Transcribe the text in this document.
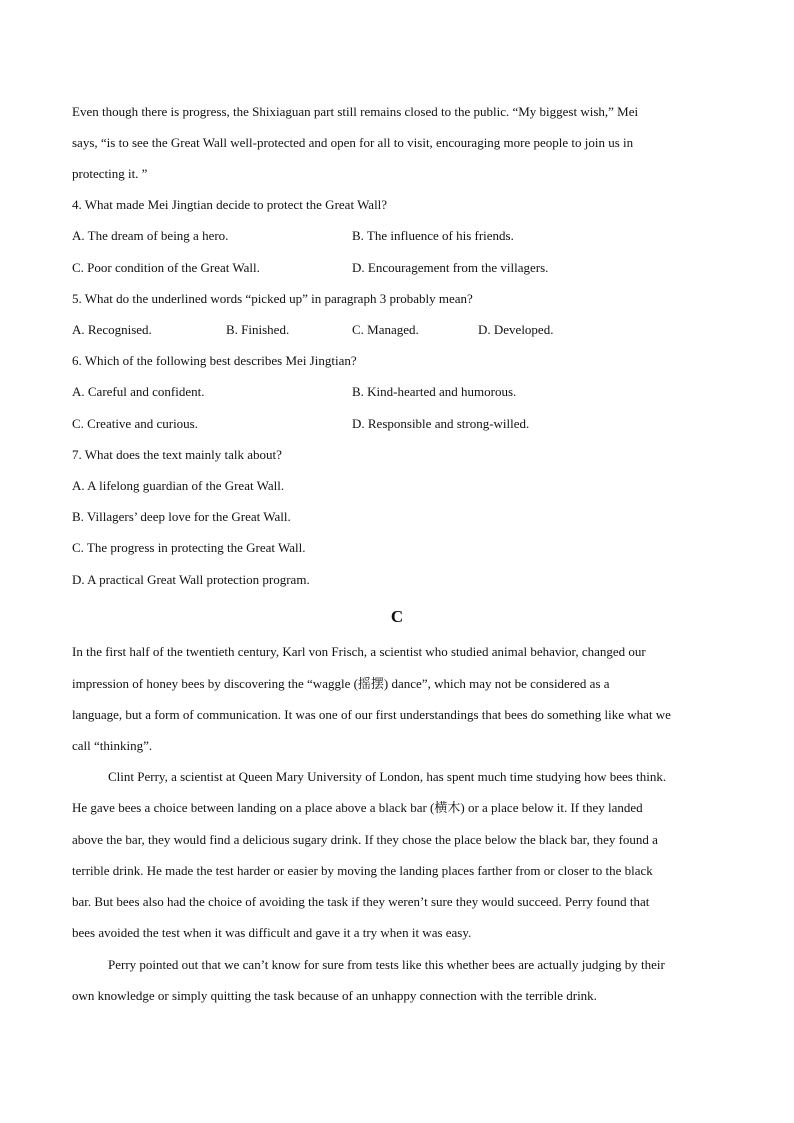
Even though there is progress, the Shixiaguan part still remains closed to the public. “My biggest wish,” Mei
says, “is to see the Great Wall well-protected and open for all to visit, encouraging more people to join us in
protecting it. ”
4. What made Mei Jingtian decide to protect the Great Wall?
A. The dream of being a hero.	B. The influence of his friends.
C. Poor condition of the Great Wall.	D. Encouragement from the villagers.
5. What do the underlined words “picked up” in paragraph 3 probably mean?
A. Recognised.	B. Finished.	C. Managed.	D. Developed.
6. Which of the following best describes Mei Jingtian?
A. Careful and confident.	B. Kind-hearted and humorous.
C. Creative and curious.	D. Responsible and strong-willed.
7. What does the text mainly talk about?
A. A lifelong guardian of the Great Wall.
B. Villagers’ deep love for the Great Wall.
C. The progress in protecting the Great Wall.
D. A practical Great Wall protection program.
C
In the first half of the twentieth century, Karl von Frisch, a scientist who studied animal behavior, changed our
impression of honey bees by discovering the “waggle (摇摆) dance”, which may not be considered as a
language, but a form of communication. It was one of our first understandings that bees do something like what we
call “thinking”.
Clint Perry, a scientist at Queen Mary University of London, has spent much time studying how bees think.
He gave bees a choice between landing on a place above a black bar (横木) or a place below it. If they landed
above the bar, they would find a delicious sugary drink. If they chose the place below the black bar, they found a
terrible drink. He made the test harder or easier by moving the landing places farther from or closer to the black
bar. But bees also had the choice of avoiding the task if they weren’t sure they would succeed. Perry found that
bees avoided the test when it was difficult and gave it a try when it was easy.
Perry pointed out that we can’t know for sure from tests like this whether bees are actually judging by their
own knowledge or simply quitting the task because of an unhappy connection with the terrible drink.
